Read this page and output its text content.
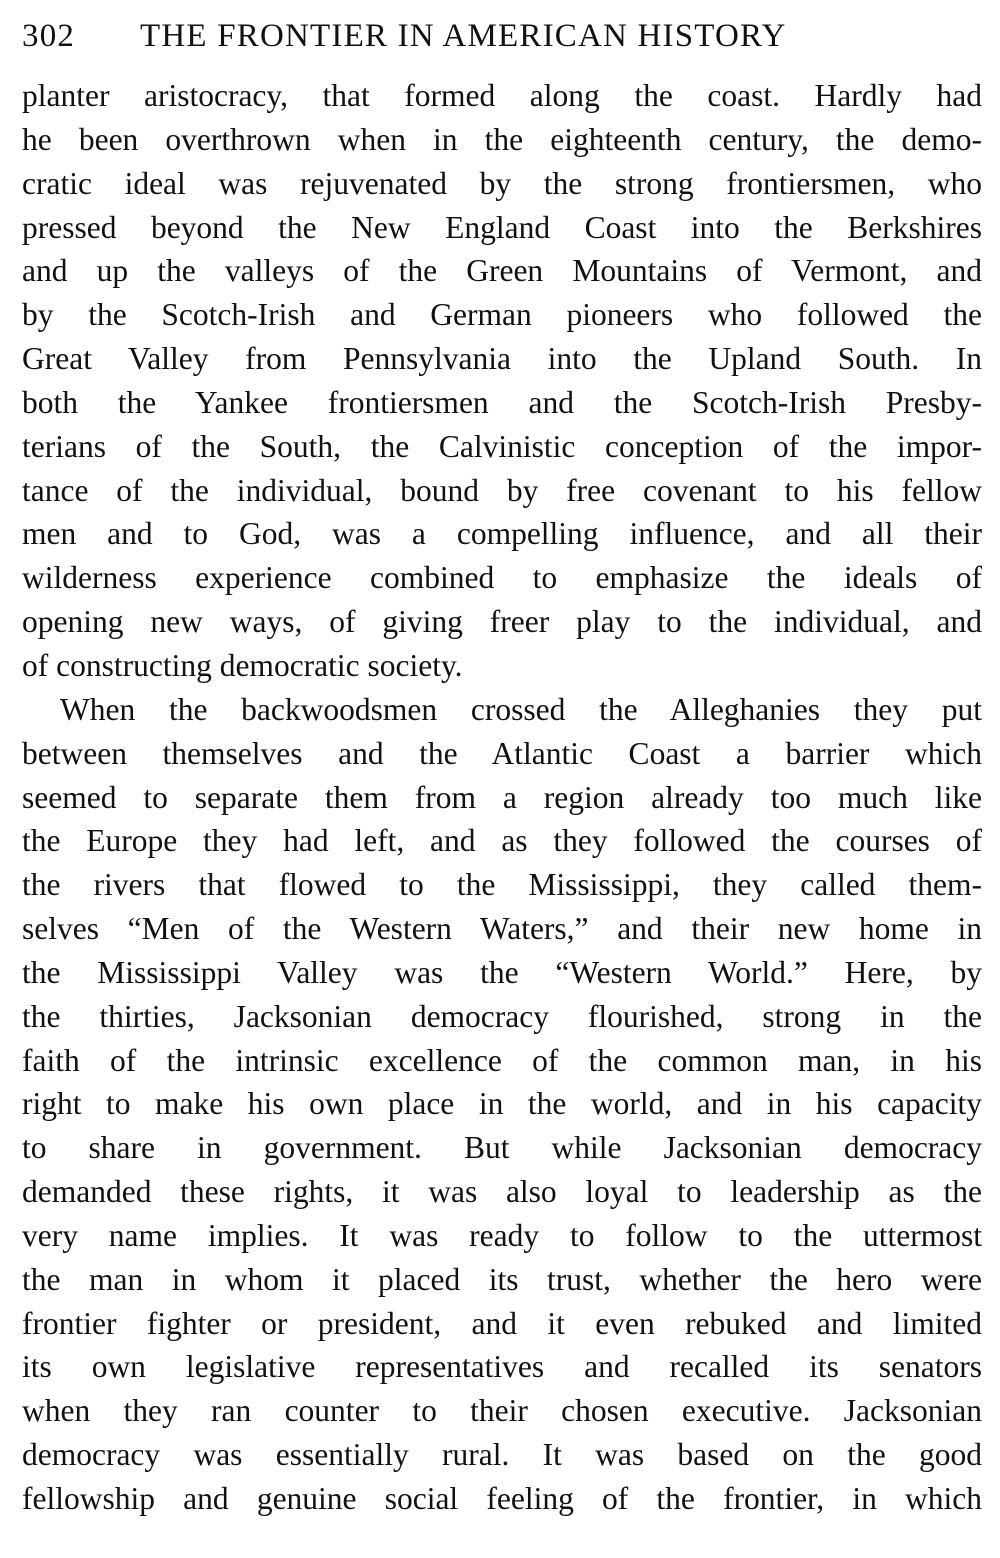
302	THE FRONTIER IN AMERICAN HISTORY
planter aristocracy, that formed along the coast. Hardly had
he been overthrown when in the eighteenth century, the demo-
cratic ideal was rejuvenated by the strong frontiersmen, who
pressed beyond the New England Coast into the Berkshires
and up the valleys of the Green Mountains of Vermont, and
by the Scotch-Irish and German pioneers who followed the
Great Valley from Pennsylvania into the Upland South. In
both the Yankee frontiersmen and the Scotch-Irish Presby-
terians of the South, the Calvinistic conception of the impor-
tance of the individual, bound by free covenant to his fellow
men and to God, was a compelling influence, and all their
wilderness experience combined to emphasize the ideals of
opening new ways, of giving freer play to the individual, and
of constructing democratic society.
When the backwoodsmen crossed the Alleghanies they put
between themselves and the Atlantic Coast a barrier which
seemed to separate them from a region already too much like
the Europe they had left, and as they followed the courses of
the rivers that flowed to the Mississippi, they called them-
selves “Men of the Western Waters,” and their new home in
the Mississippi Valley was the “Western World.” Here, by
the thirties, Jacksonian democracy flourished, strong in the
faith of the intrinsic excellence of the common man, in his
right to make his own place in the world, and in his capacity
to share in government. But while Jacksonian democracy
demanded these rights, it was also loyal to leadership as the
very name implies. It was ready to follow to the uttermost
the man in whom it placed its trust, whether the hero were
frontier fighter or president, and it even rebuked and limited
its own legislative representatives and recalled its senators
when they ran counter to their chosen executive. Jacksonian
democracy was essentially rural. It was based on the good
fellowship and genuine social feeling of the frontier, in which
